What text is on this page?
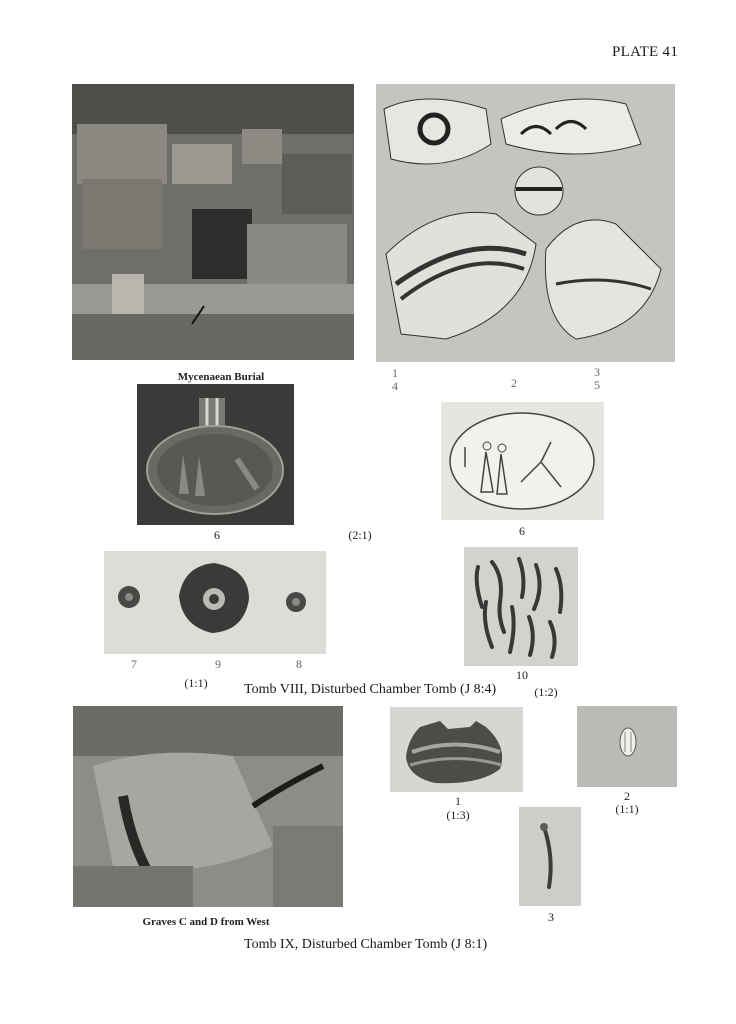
PLATE 41
Mycenaean Burial	1
2
3
4	5
6	(2:1)	6
7	9	8
(1:1)
10
Tomb VIII, Disturbed Chamber Tomb (J 8:4)	(1:2)
Graves C and D from West
1
(1:3)
2
(1:1)
3
Tomb IX, Disturbed Chamber Tomb (J 8:1)
